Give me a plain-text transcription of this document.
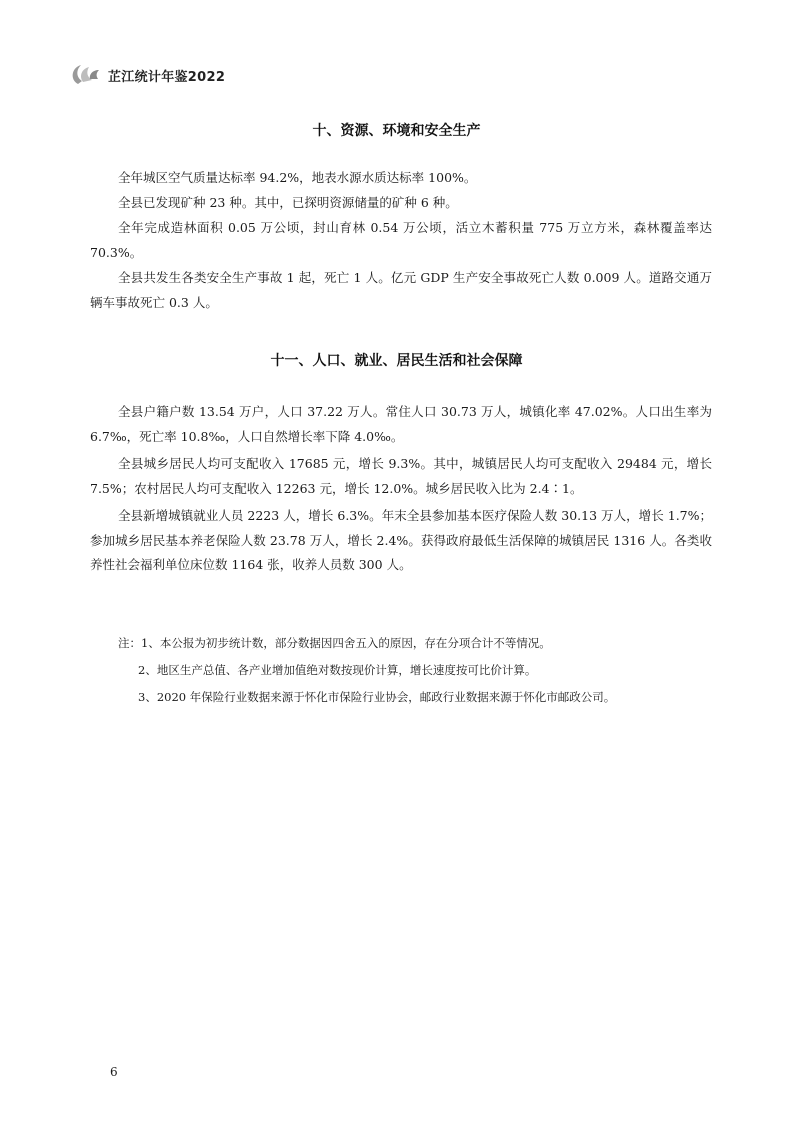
芷江统计年鉴2022
十、资源、环境和安全生产

全年城区空气质量达标率 94.2%，地表水源水质达标率 100%。

全县已发现矿种 23 种。其中，已探明资源储量的矿种 6 种。

全年完成造林面积 0.05 万公顷，封山育林 0.54 万公顷，活立木蓄积量 775 万立方米，森林覆盖率达 70.3%。

全县共发生各类安全生产事故 1 起，死亡 1 人。亿元 GDP 生产安全事故死亡人数 0.009 人。道路交通万辆车事故死亡 0.3 人。

十一、人口、就业、居民生活和社会保障

全县户籍户数 13.54 万户，人口 37.22 万人。常住人口 30.73 万人，城镇化率 47.02%。人口出生率为 6.7‰，死亡率 10.8‰，人口自然增长率下降 4.0‰。

全县城乡居民人均可支配收入 17685 元，增长 9.3%。其中，城镇居民人均可支配收入 29484 元，增长 7.5%；农村居民人均可支配收入 12263 元，增长 12.0%。城乡居民收入比为 2.4∶1。

全县新增城镇就业人员 2223 人，增长 6.3%。年末全县参加基本医疗保险人数 30.13 万人，增长 1.7%；参加城乡居民基本养老保险人数 23.78 万人，增长 2.4%。获得政府最低生活保障的城镇居民 1316 人。各类收养性社会福利单位床位数 1164 张，收养人员数 300 人。

注：1、本公报为初步统计数，部分数据因四舍五入的原因，存在分项合计不等情况。

2、地区生产总值、各产业增加值绝对数按现价计算，增长速度按可比价计算。

3、2020 年保险行业数据来源于怀化市保险行业协会，邮政行业数据来源于怀化市邮政公司。

6
